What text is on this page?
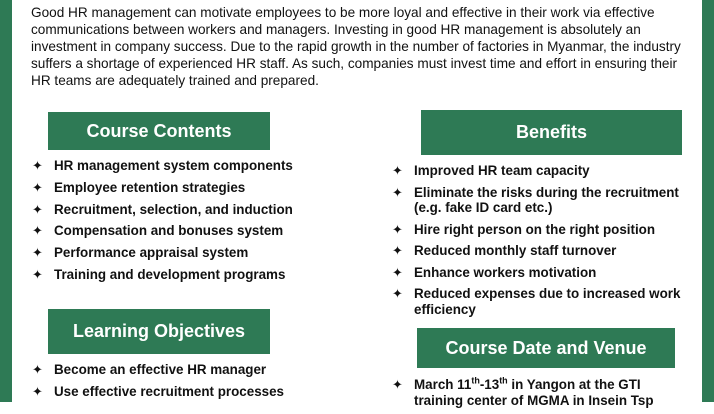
Good HR management can motivate employees to be more loyal and effective in their work via effective communications between workers and managers. Investing in good HR management is absolutely an investment in company success. Due to the rapid growth in the number of factories in Myanmar, the industry suffers a shortage of experienced HR staff. As such, companies must invest time and effort in ensuring their HR teams are adequately trained and prepared.

Course Contents
✦ HR management system components
✦ Employee retention strategies
✦ Recruitment, selection, and induction
✦ Compensation and bonuses system
✦ Performance appraisal system
✦ Training and development programs
Benefits
✦ Improved HR team capacity
✦ Eliminate the risks during the recruitment (e.g. fake ID card etc.)
✦ Hire right person on the right position
✦ Reduced monthly staff turnover
✦ Enhance workers motivation
✦ Reduced expenses due to increased work efficiency
Learning Objectives
✦ Become an effective HR manager
✦ Use effective recruitment processes
Course Date and Venue
✦ March 11th-13th in Yangon at the GTI training center of MGMA in Insein Tsp
